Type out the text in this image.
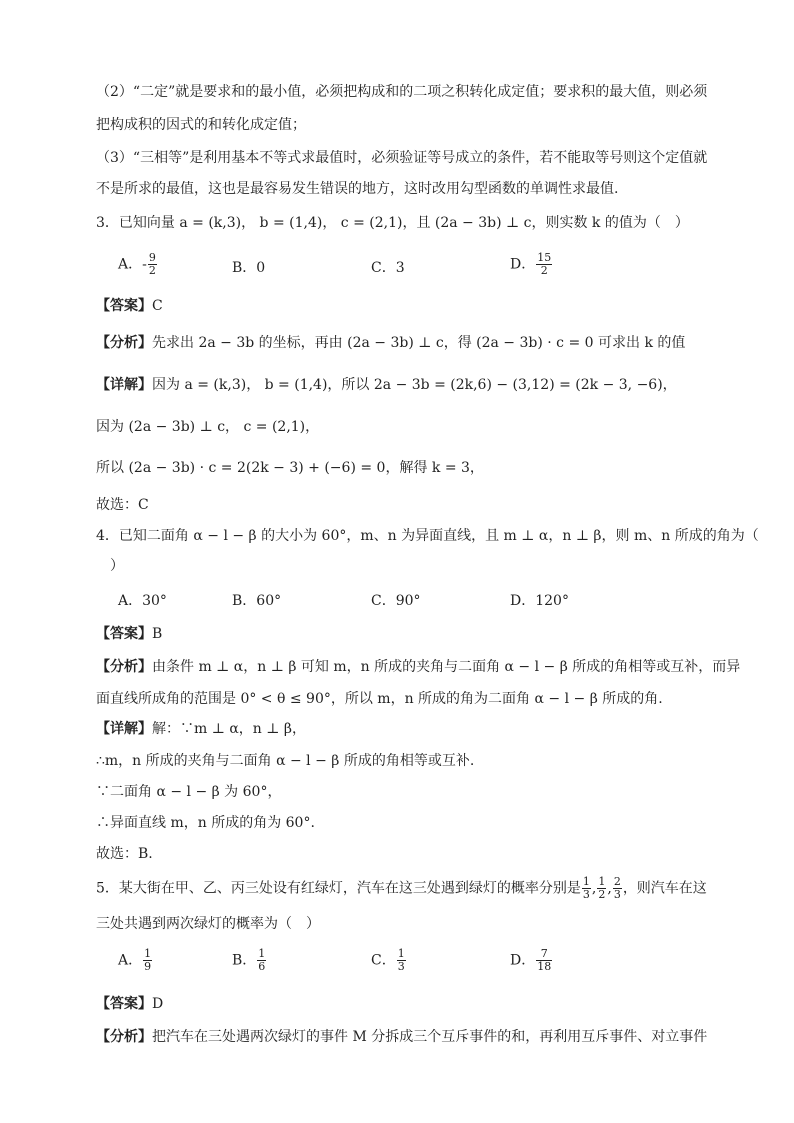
（2）“二定”就是要求和的最小值，必须把构成和的二项之积转化成定值；要求积的最大值，则必须
把构成积的因式的和转化成定值；
（3）“三相等”是利用基本不等式求最值时，必须验证等号成立的条件，若不能取等号则这个定值就
不是所求的最值，这也是最容易发生错误的地方，这时改用勾型函数的单调性求最值.
3．已知向量 a = (k,3)， b = (1,4)， c = (2,1)，且 (2a − 3b) ⊥ c，则实数 k 的值为（　）
A．- $\frac{9}{2}$	B．0	C．3	D． $\frac{15}{2}$
【答案】C
【分析】先求出 2a − 3b 的坐标，再由 (2a − 3b) ⊥ c，得 (2a − 3b) · c = 0 可求出 k 的值
【详解】因为 a = (k,3)， b = (1,4)，所以 2a − 3b = (2k,6) − (3,12) = (2k − 3, −6)，
因为 (2a − 3b) ⊥ c， c = (2,1)，
所以 (2a − 3b) · c = 2(2k − 3) + (−6) = 0，解得 k = 3，
故选：C
4．已知二面角 α − l − β 的大小为 60°，m、n 为异面直线，且 m ⊥ α，n ⊥ β，则 m、n 所成的角为（
）
A．30°	B．60°	C．90°	D．120°
【答案】B
【分析】由条件 m ⊥ α，n ⊥ β 可知 m，n 所成的夹角与二面角 α − l − β 所成的角相等或互补，而异
面直线所成角的范围是 0° < θ ≤ 90°，所以 m，n 所成的角为二面角 α − l − β 所成的角.
【详解】解：∵m ⊥ α，n ⊥ β，
∴m，n 所成的夹角与二面角 α − l − β 所成的角相等或互补.
∵二面角 α − l − β 为 60°，
∴异面直线 m，n 所成的角为 60°.
故选：B.
5．某大街在甲、乙、丙三处设有红绿灯，汽车在这三处遇到绿灯的概率分别是 $\frac{1}{3}$ , $\frac{1}{2}$ , $\frac{2}{3}$ ，则汽车在这
三处共遇到两次绿灯的概率为（　）
A． $\frac{1}{9}$	B． $\frac{1}{6}$	C． $\frac{1}{3}$	D． $\frac{7}{18}$
【答案】D
【分析】把汽车在三处遇两次绿灯的事件 M 分拆成三个互斥事件的和，再利用互斥事件、对立事件
